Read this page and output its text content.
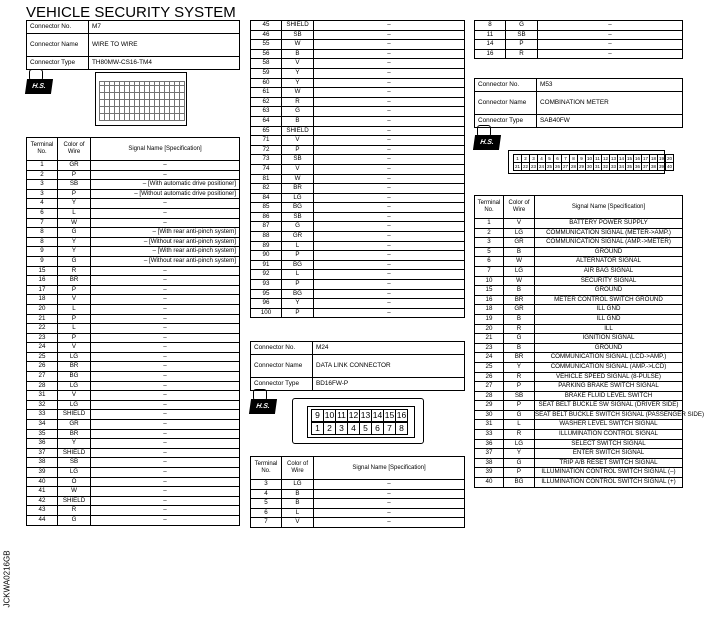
VEHICLE SECURITY SYSTEM
JCKWA0216GB
Connector No.	M7
Connector Name	WIRE TO WIRE
Connector Type	TH80MW-CS16-TM4
H.S.
Terminal No.	Color of Wire	Signal Name [Specification]
1	GR	–
2	P	–
3	SB	– [With automatic drive positioner]
3	P	– [Without automatic drive positioner]
4	Y	–
6	L	–
7	W	–
8	G	– [With rear anti-pinch system]
8	Y	– [Without rear anti-pinch system]
9	Y	– [With rear anti-pinch system]
9	G	– [Without rear anti-pinch system]
15	R	–
16	BR	–
17	P	–
18	V	–
20	L	–
21	P	–
22	L	–
23	P	–
24	V	–
25	LG	–
26	BR	–
27	BG	–
28	LG	–
31	V	–
32	LG	–
33	SHIELD	–
34	GR	–
35	BR	–
36	Y	–
37	SHIELD	–
38	SB	–
39	LG	–
40	O	–
41	W	–
42	SHIELD	–
43	R	–
44	G	–
45	SHIELD	–
46	SB	–
55	W	–
56	B	–
58	V	–
59	Y	–
60	Y	–
61	W	–
62	R	–
63	G	–
64	B	–
65	SHIELD	–
71	V	–
72	P	–
73	SB	–
74	V	–
81	W	–
82	BR	–
84	LG	–
85	BG	–
86	SB	–
87	G	–
88	GR	–
89	L	–
90	P	–
91	BG	–
92	L	–
93	P	–
95	BG	–
96	Y	–
100	P	–
Connector No.	M24
Connector Name	DATA LINK CONNECTOR
Connector Type	BD16FW-P
H.S.
9 10 11 12 13 14 15 16
1 2 3 4 5 6 7 8
Terminal No.	Color of Wire	Signal Name [Specification]
3	LG	–
4	B	–
5	B	–
6	L	–
7	V	–
8	G	–
11	SB	–
14	P	–
16	R	–
Connector No.	M53
Connector Name	COMBINATION METER
Connector Type	SAB40FW
H.S.
1	2	3	4	5	6	7	8	9 10 11 12 13 14 15 16 17 18 19 20
21 22 23 24 25 26 27 28 29 30 31 32 33 34 35 36 37 38 39 40
Terminal No.	Color of Wire	Signal Name [Specification]
1	V	BATTERY POWER SUPPLY
2	LG	COMMUNICATION SIGNAL (METER->AMP.)
3	GR	COMMUNICATION SIGNAL (AMP.->METER)
5	B	GROUND
6	W	ALTERNATOR SIGNAL
7	LG	AIR BAG SIGNAL
10	W	SECURITY SIGNAL
15	B	GROUND
16	BR	METER CONTROL SWITCH GROUND
18	GR	ILL GND
19	B	ILL GND
20	R	ILL
21	G	IGNITION SIGNAL
23	B	GROUND
24	BR	COMMUNICATION SIGNAL (LCD->AMP.)
25	Y	COMMUNICATION SIGNAL (AMP.->LCD)
26	R	VEHICLE SPEED SIGNAL (8-PULSE)
27	P	PARKING BRAKE SWITCH SIGNAL
28	SB	BRAKE FLUID LEVEL SWITCH
29	P	SEAT BELT BUCKLE SW SIGNAL (DRIVER SIDE)
30	G	SEAT BELT BUCKLE SWITCH SIGNAL (PASSENGER SIDE)
31	L	WASHER LEVEL SWITCH SIGNAL
33	R	ILLUMINATION CONTROL SIGNAL
36	LG	SELECT SWITCH SIGNAL
37	Y	ENTER SWITCH SIGNAL
38	G	TRIP A/B RESET SWITCH SIGNAL
39	P	ILLUMINATION CONTROL SWITCH SIGNAL (–)
40	BG	ILLUMINATION CONTROL SWITCH SIGNAL (+)
